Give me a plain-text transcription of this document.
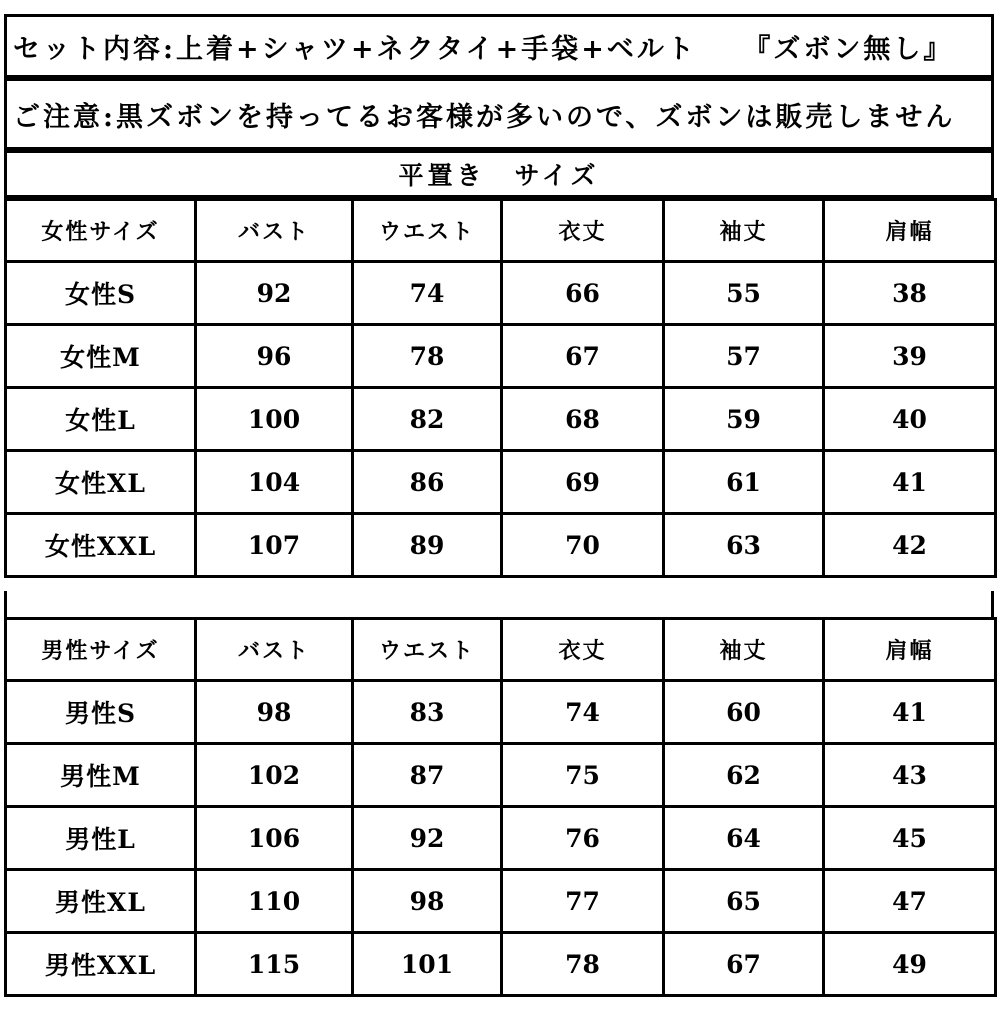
セット内容:上着+シャツ+ネクタイ+手袋+ベルト　　『ズボン無し』
ご注意:黒ズボンを持ってるお客様が多いので、ズボンは販売しません
平置き　サイズ
女性サイズ	バスト	ウエスト	衣丈	袖丈	肩幅
女性S	92	74	66	55	38
女性M	96	78	67	57	39
女性L	100	82	68	59	40
女性XL	104	86	69	61	41
女性XXL	107	89	70	63	42
男性サイズ	バスト	ウエスト	衣丈	袖丈	肩幅
男性S	98	83	74	60	41
男性M	102	87	75	62	43
男性L	106	92	76	64	45
男性XL	110	98	77	65	47
男性XXL	115	101	78	67	49
